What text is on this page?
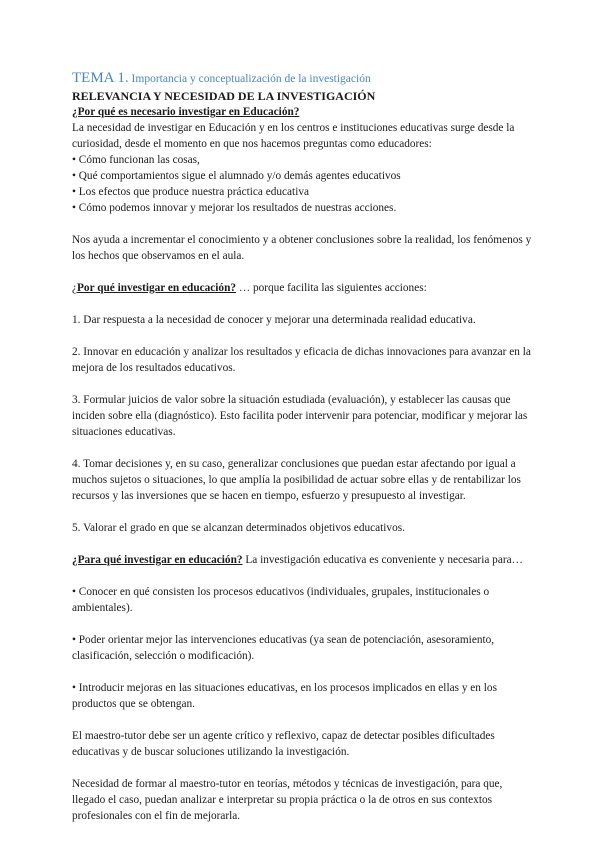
TEMA 1. Importancia y conceptualización de la investigación
RELEVANCIA Y NECESIDAD DE LA INVESTIGACIÓN
¿Por qué es necesario investigar en Educación?

La necesidad de investigar en Educación y en los centros e instituciones educativas surge desde la

curiosidad, desde el momento en que nos hacemos preguntas como educadores:

• Cómo funcionan las cosas,
• Qué comportamientos sigue el alumnado y/o demás agentes educativos
• Los efectos que produce nuestra práctica educativa
• Cómo podemos innovar y mejorar los resultados de nuestras acciones.

Nos ayuda a incrementar el conocimiento y a obtener conclusiones sobre la realidad, los fenómenos y

los hechos que observamos en el aula.

¿Por qué investigar en educación? … porque facilita las siguientes acciones:

1. Dar respuesta a la necesidad de conocer y mejorar una determinada realidad educativa.

2. Innovar en educación y analizar los resultados y eficacia de dichas innovaciones para avanzar en la

mejora de los resultados educativos.

3. Formular juicios de valor sobre la situación estudiada (evaluación), y establecer las causas que

inciden sobre ella (diagnóstico). Esto facilita poder intervenir para potenciar, modificar y mejorar las

situaciones educativas.

4. Tomar decisiones y, en su caso, generalizar conclusiones que puedan estar afectando por igual a

muchos sujetos o situaciones, lo que amplía la posibilidad de actuar sobre ellas y de rentabilizar los

recursos y las inversiones que se hacen en tiempo, esfuerzo y presupuesto al investigar.

5. Valorar el grado en que se alcanzan determinados objetivos educativos.

¿Para qué investigar en educación? La investigación educativa es conveniente y necesaria para…

• Conocer en qué consisten los procesos educativos (individuales, grupales, institucionales o

ambientales).

• Poder orientar mejor las intervenciones educativas (ya sean de potenciación, asesoramiento,

clasificación, selección o modificación).

• Introducir mejoras en las situaciones educativas, en los procesos implicados en ellas y en los

productos que se obtengan.

El maestro-tutor debe ser un agente crítico y reflexivo, capaz de detectar posibles dificultades

educativas y de buscar soluciones utilizando la investigación.

Necesidad de formar al maestro-tutor en teorías, métodos y técnicas de investigación, para que,

llegado el caso, puedan analizar e interpretar su propia práctica o la de otros en sus contextos

profesionales con el fin de mejorarla.
